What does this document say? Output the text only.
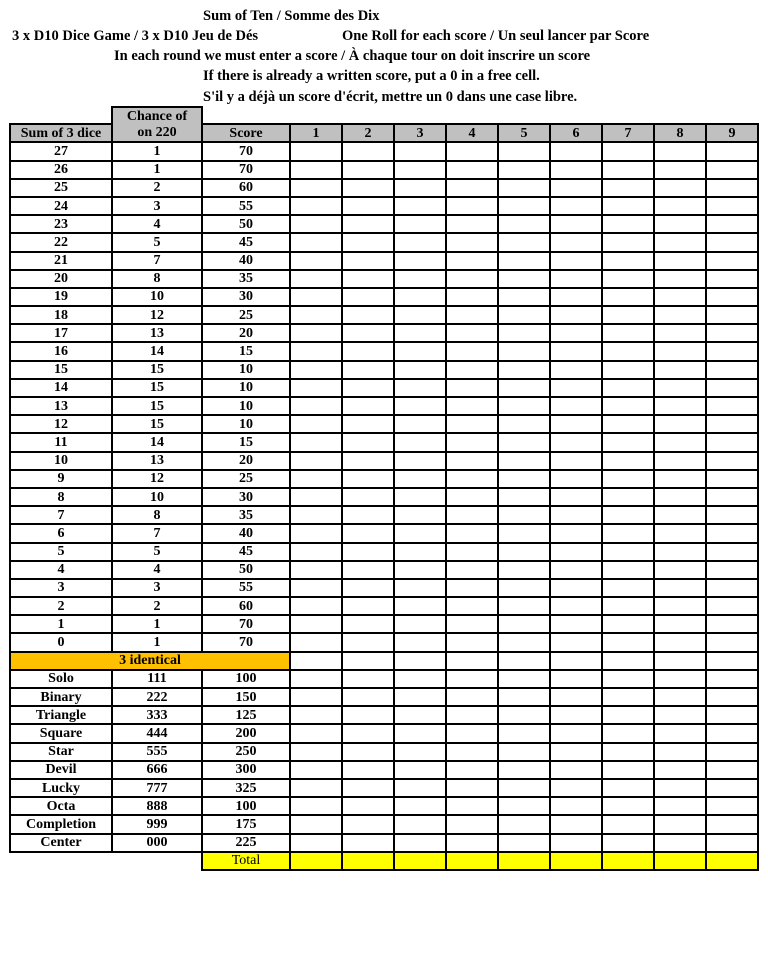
Sum of Ten / Somme des Dix
3 x D10 Dice Game / 3 x D10 Jeu de Dés	One Roll for each score / Un seul lancer par Score
In each round we must enter a score / À chaque tour on doit inscrire un score
If there is already a written score, put a 0 in a free cell.
S'il y a déjà un score d'écrit, mettre un 0 dans une case libre.
	Chance of										
Sum of 3 dice	on 220	Score	1	2	3	4	5	6	7	8	9
27	1	70									
26	1	70									
25	2	60									
24	3	55									
23	4	50									
22	5	45									
21	7	40									
20	8	35									
19	10	30									
18	12	25									
17	13	20									
16	14	15									
15	15	10									
14	15	10									
13	15	10									
12	15	10									
11	14	15									
10	13	20									
9	12	25									
8	10	30									
7	8	35									
6	7	40									
5	5	45									
4	4	50									
3	3	55									
2	2	60									
1	1	70									
0	1	70									
3 identical											
Solo	111	100									
Binary	222	150									
Triangle	333	125									
Square	444	200									
Star	555	250									
Devil	666	300									
Lucky	777	325									
Octa	888	100									
Completion	999	175									
Center	000	225									
		Total									
